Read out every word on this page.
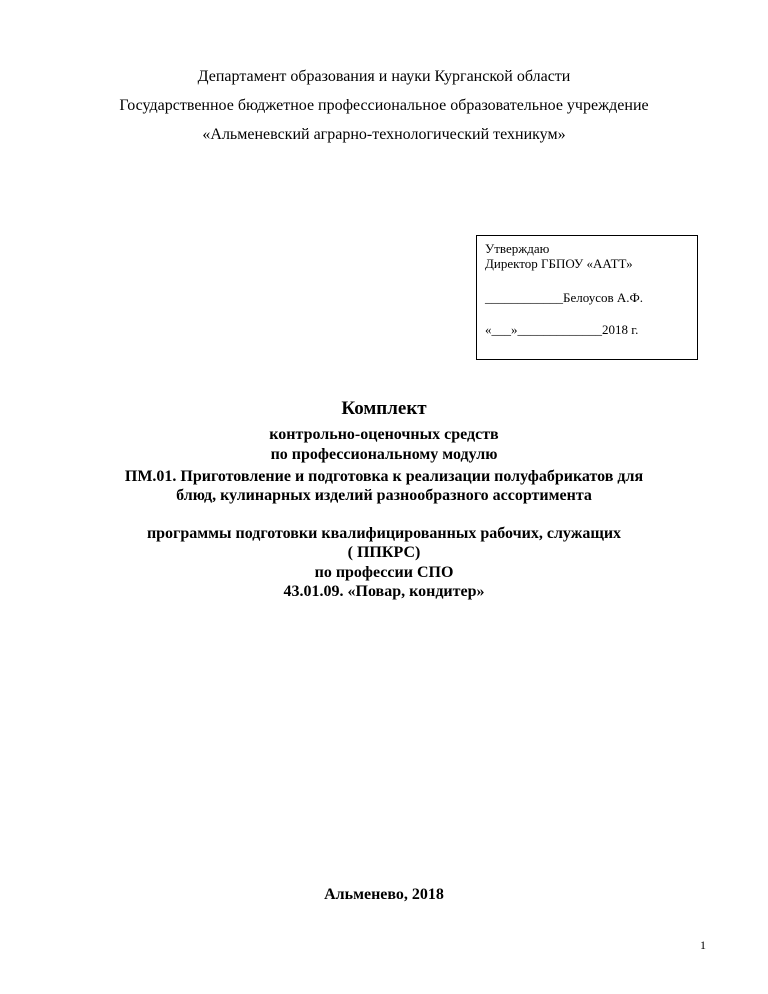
Департамент образования и науки Курганской области
Государственное бюджетное профессиональное образовательное учреждение
«Альменевский аграрно-технологический техникум»
Утверждаю
Директор ГБПОУ «ААТТ»
____________Белоусов А.Ф.
«___»_____________2018 г.
Комплект
контрольно-оценочных средств
по профессиональному модулю
ПМ.01. Приготовление и подготовка к реализации полуфабрикатов для
блюд, кулинарных изделий разнообразного ассортимента
программы подготовки квалифицированных рабочих, служащих
( ППКРС)
по профессии СПО
43.01.09. «Повар, кондитер»
Альменево, 2018
1
